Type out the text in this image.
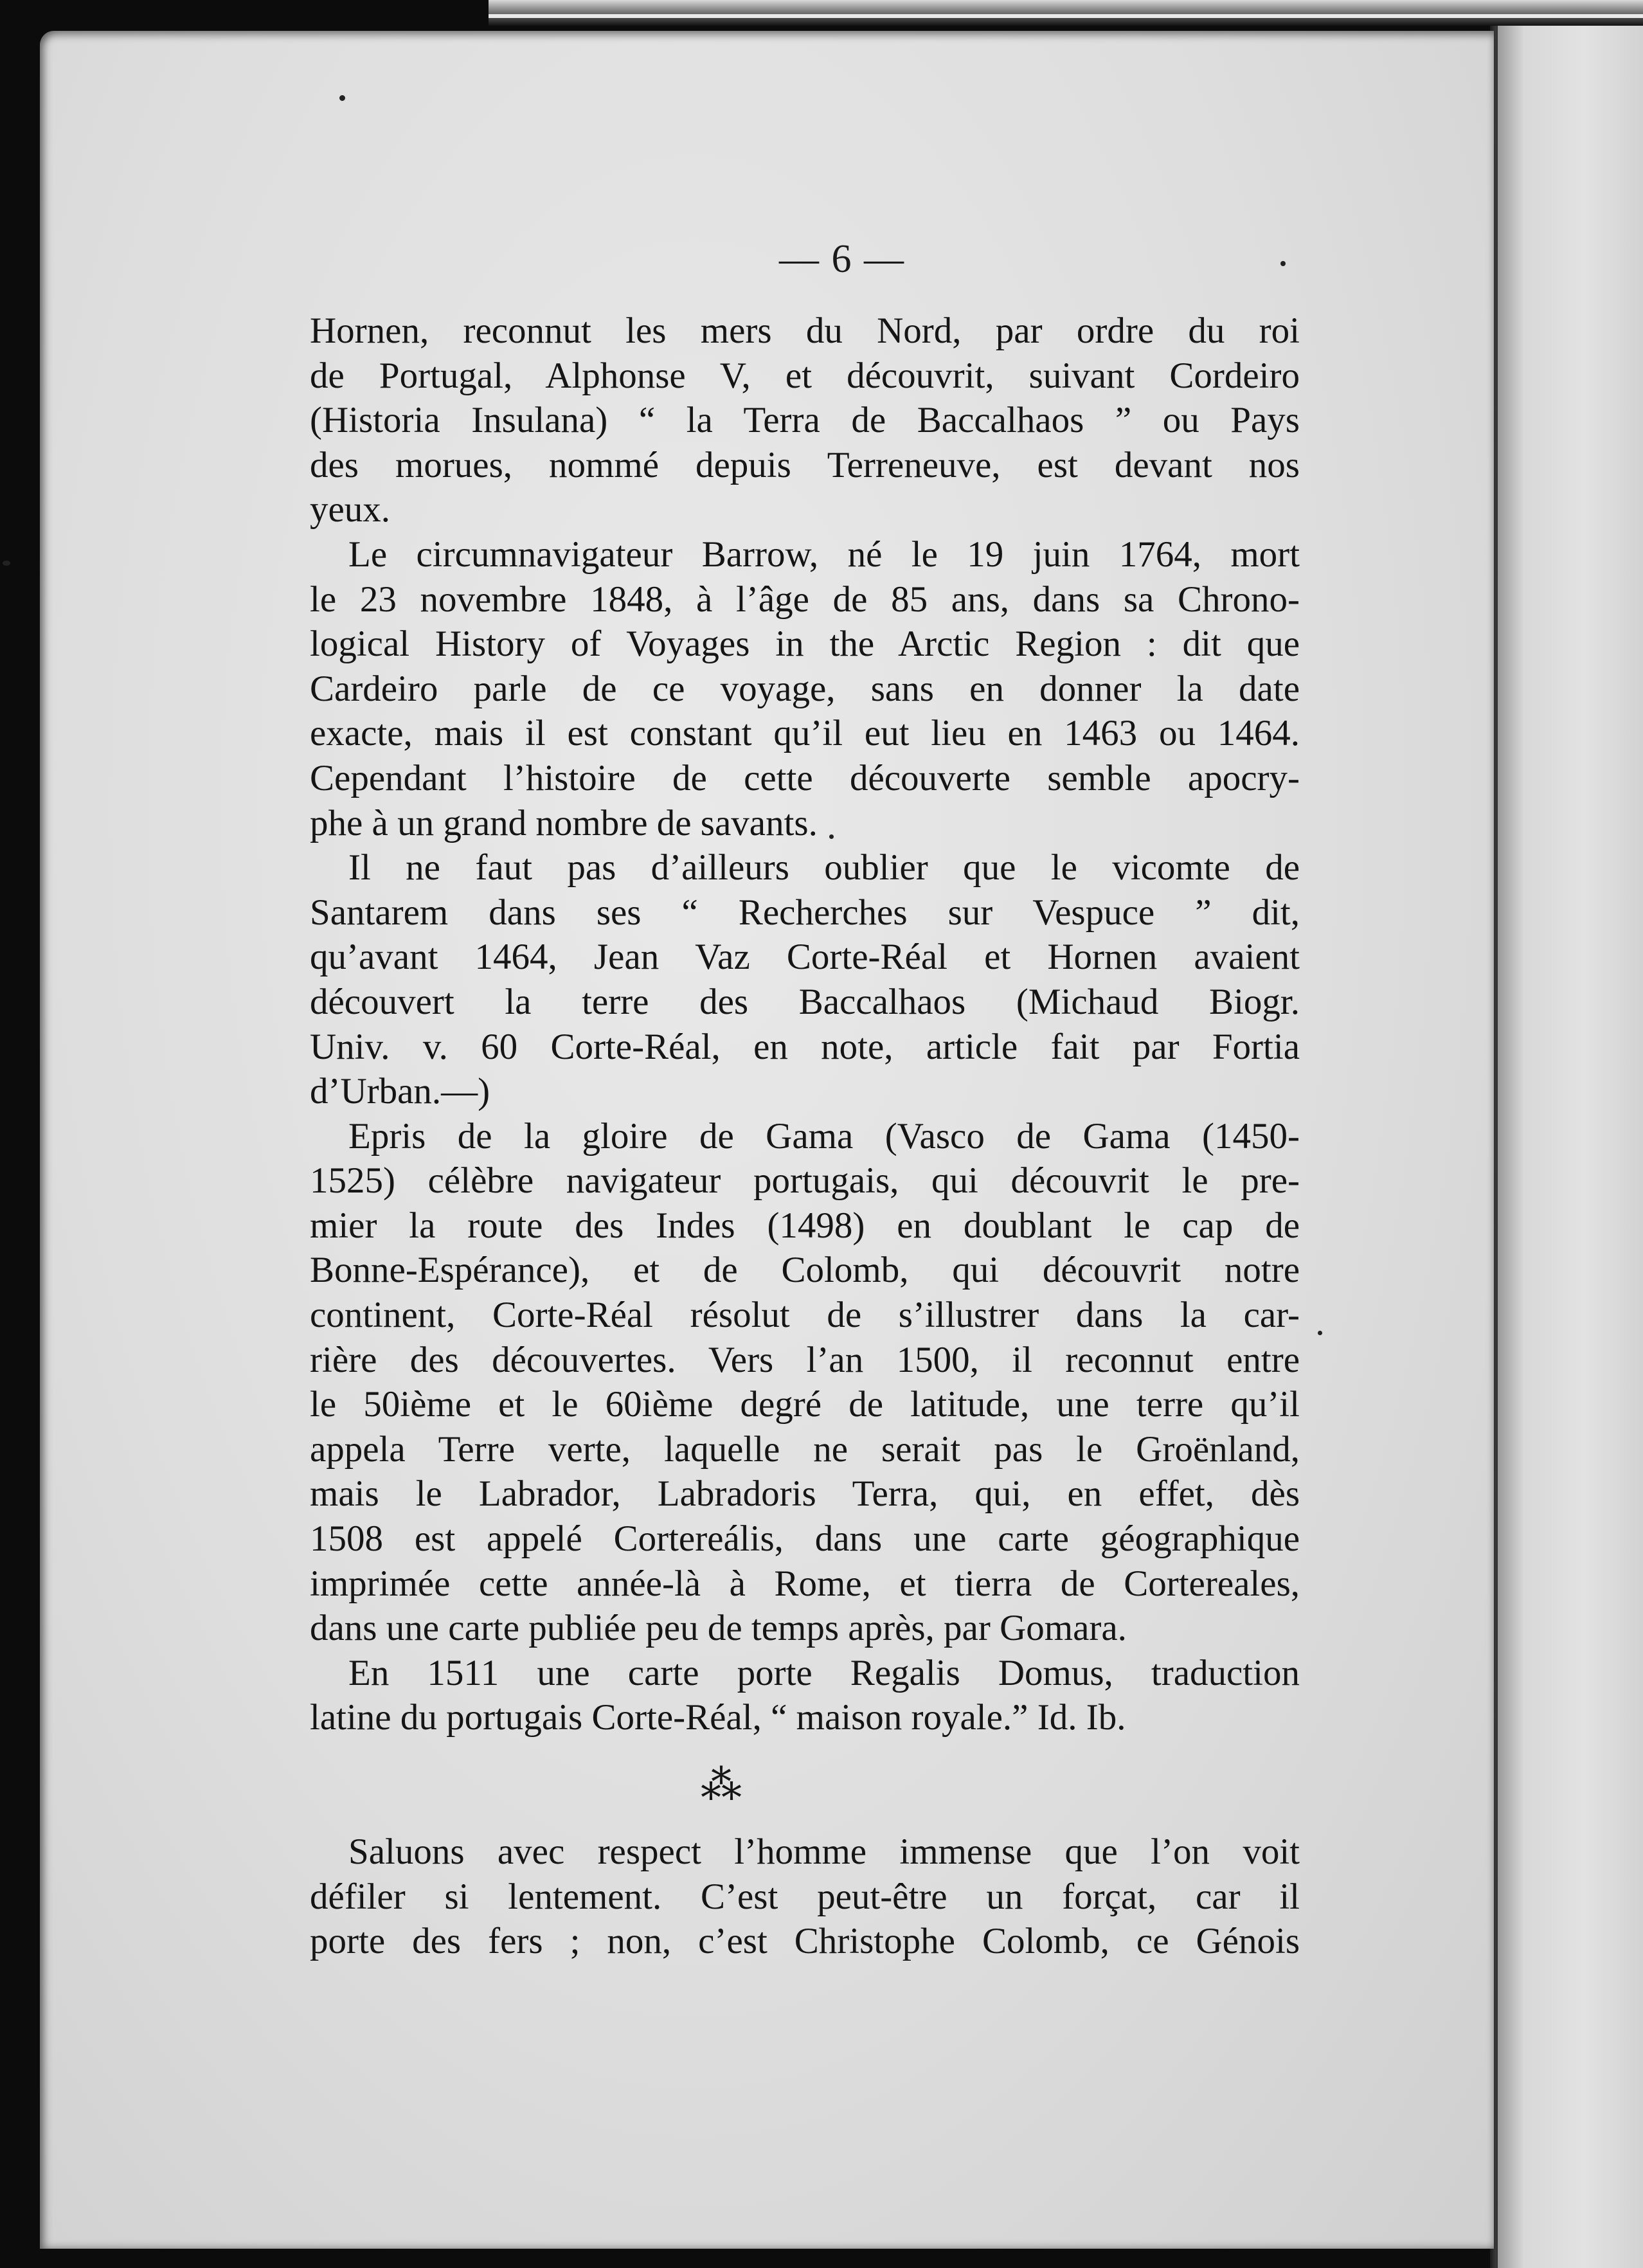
— 6 —
Hornen, reconnut les mers du Nord, par ordre du roi
de Portugal, Alphonse V, et découvrit, suivant Cordeiro
(Historia Insulana) “ la Terra de Baccalhaos ” ou Pays
des morues, nommé depuis Terreneuve, est devant nos
yeux.
Le circumnavigateur Barrow, né le 19 juin 1764, mort
le 23 novembre 1848, à l’âge de 85 ans, dans sa Chrono-
logical History of Voyages in the Arctic Region : dit que
Cardeiro parle de ce voyage, sans en donner la date
exacte, mais il est constant qu’il eut lieu en 1463 ou 1464.
Cependant l’histoire de cette découverte semble apocry-
phe à un grand nombre de savants.
Il ne faut pas d’ailleurs oublier que le vicomte de
Santarem dans ses “ Recherches sur Vespuce ” dit,
qu’avant 1464, Jean Vaz Corte-Réal et Hornen avaient
découvert la terre des Baccalhaos (Michaud Biogr.
Univ. v. 60 Corte-Réal, en note, article fait par Fortia
d’Urban.—)
Epris de la gloire de Gama (Vasco de Gama (1450-
1525) célèbre navigateur portugais, qui découvrit le pre-
mier la route des Indes (1498) en doublant le cap de
Bonne-Espérance), et de Colomb, qui découvrit notre
continent, Corte-Réal résolut de s’illustrer dans la car-
rière des découvertes. Vers l’an 1500, il reconnut entre
le 50ième et le 60ième degré de latitude, une terre qu’il
appela Terre verte, laquelle ne serait pas le Groënland,
mais le Labrador, Labradoris Terra, qui, en effet, dès
1508 est appelé Cortereális, dans une carte géographique
imprimée cette année-là à Rome, et tierra de Cortereales,
dans une carte publiée peu de temps après, par Gomara.
En 1511 une carte porte Regalis Domus, traduction
latine du portugais Corte-Réal, “ maison royale.” Id. Ib.
⁂
Saluons avec respect l’homme immense que l’on voit
défiler si lentement. C’est peut-être un forçat, car il
porte des fers ; non, c’est Christophe Colomb, ce Génois
